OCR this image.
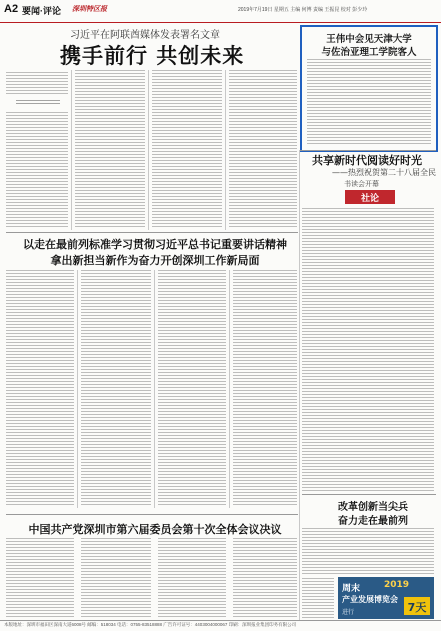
A2 要闻·评论 深圳特区报	2019年7月19日 星期五 主编 何博 责编 王振昆 校对 彭少玲
习近平在阿联酋媒体发表署名文章
携手前行 共创未来
王伟中会见天津大学
与佐治亚理工学院客人
共享新时代阅读好时光
——热烈祝贺第二十八届全民
书读会开幕
社论
以走在最前列标准学习贯彻习近平总书记重要讲话精神
拿出新担当新作为奋力开创深圳工作新局面
改革创新当尖兵
奋力走在最前列
中国共产党深圳市第六届委员会第十次全体会议决议
周末	2019
产业发展博览会
进行	7天
本版地址：深圳市福田区深南大道6008号 邮编：518034 电话：0755-83518888 广告许可证号：4403004000067 印刷：深圳报业集团印务有限公司
